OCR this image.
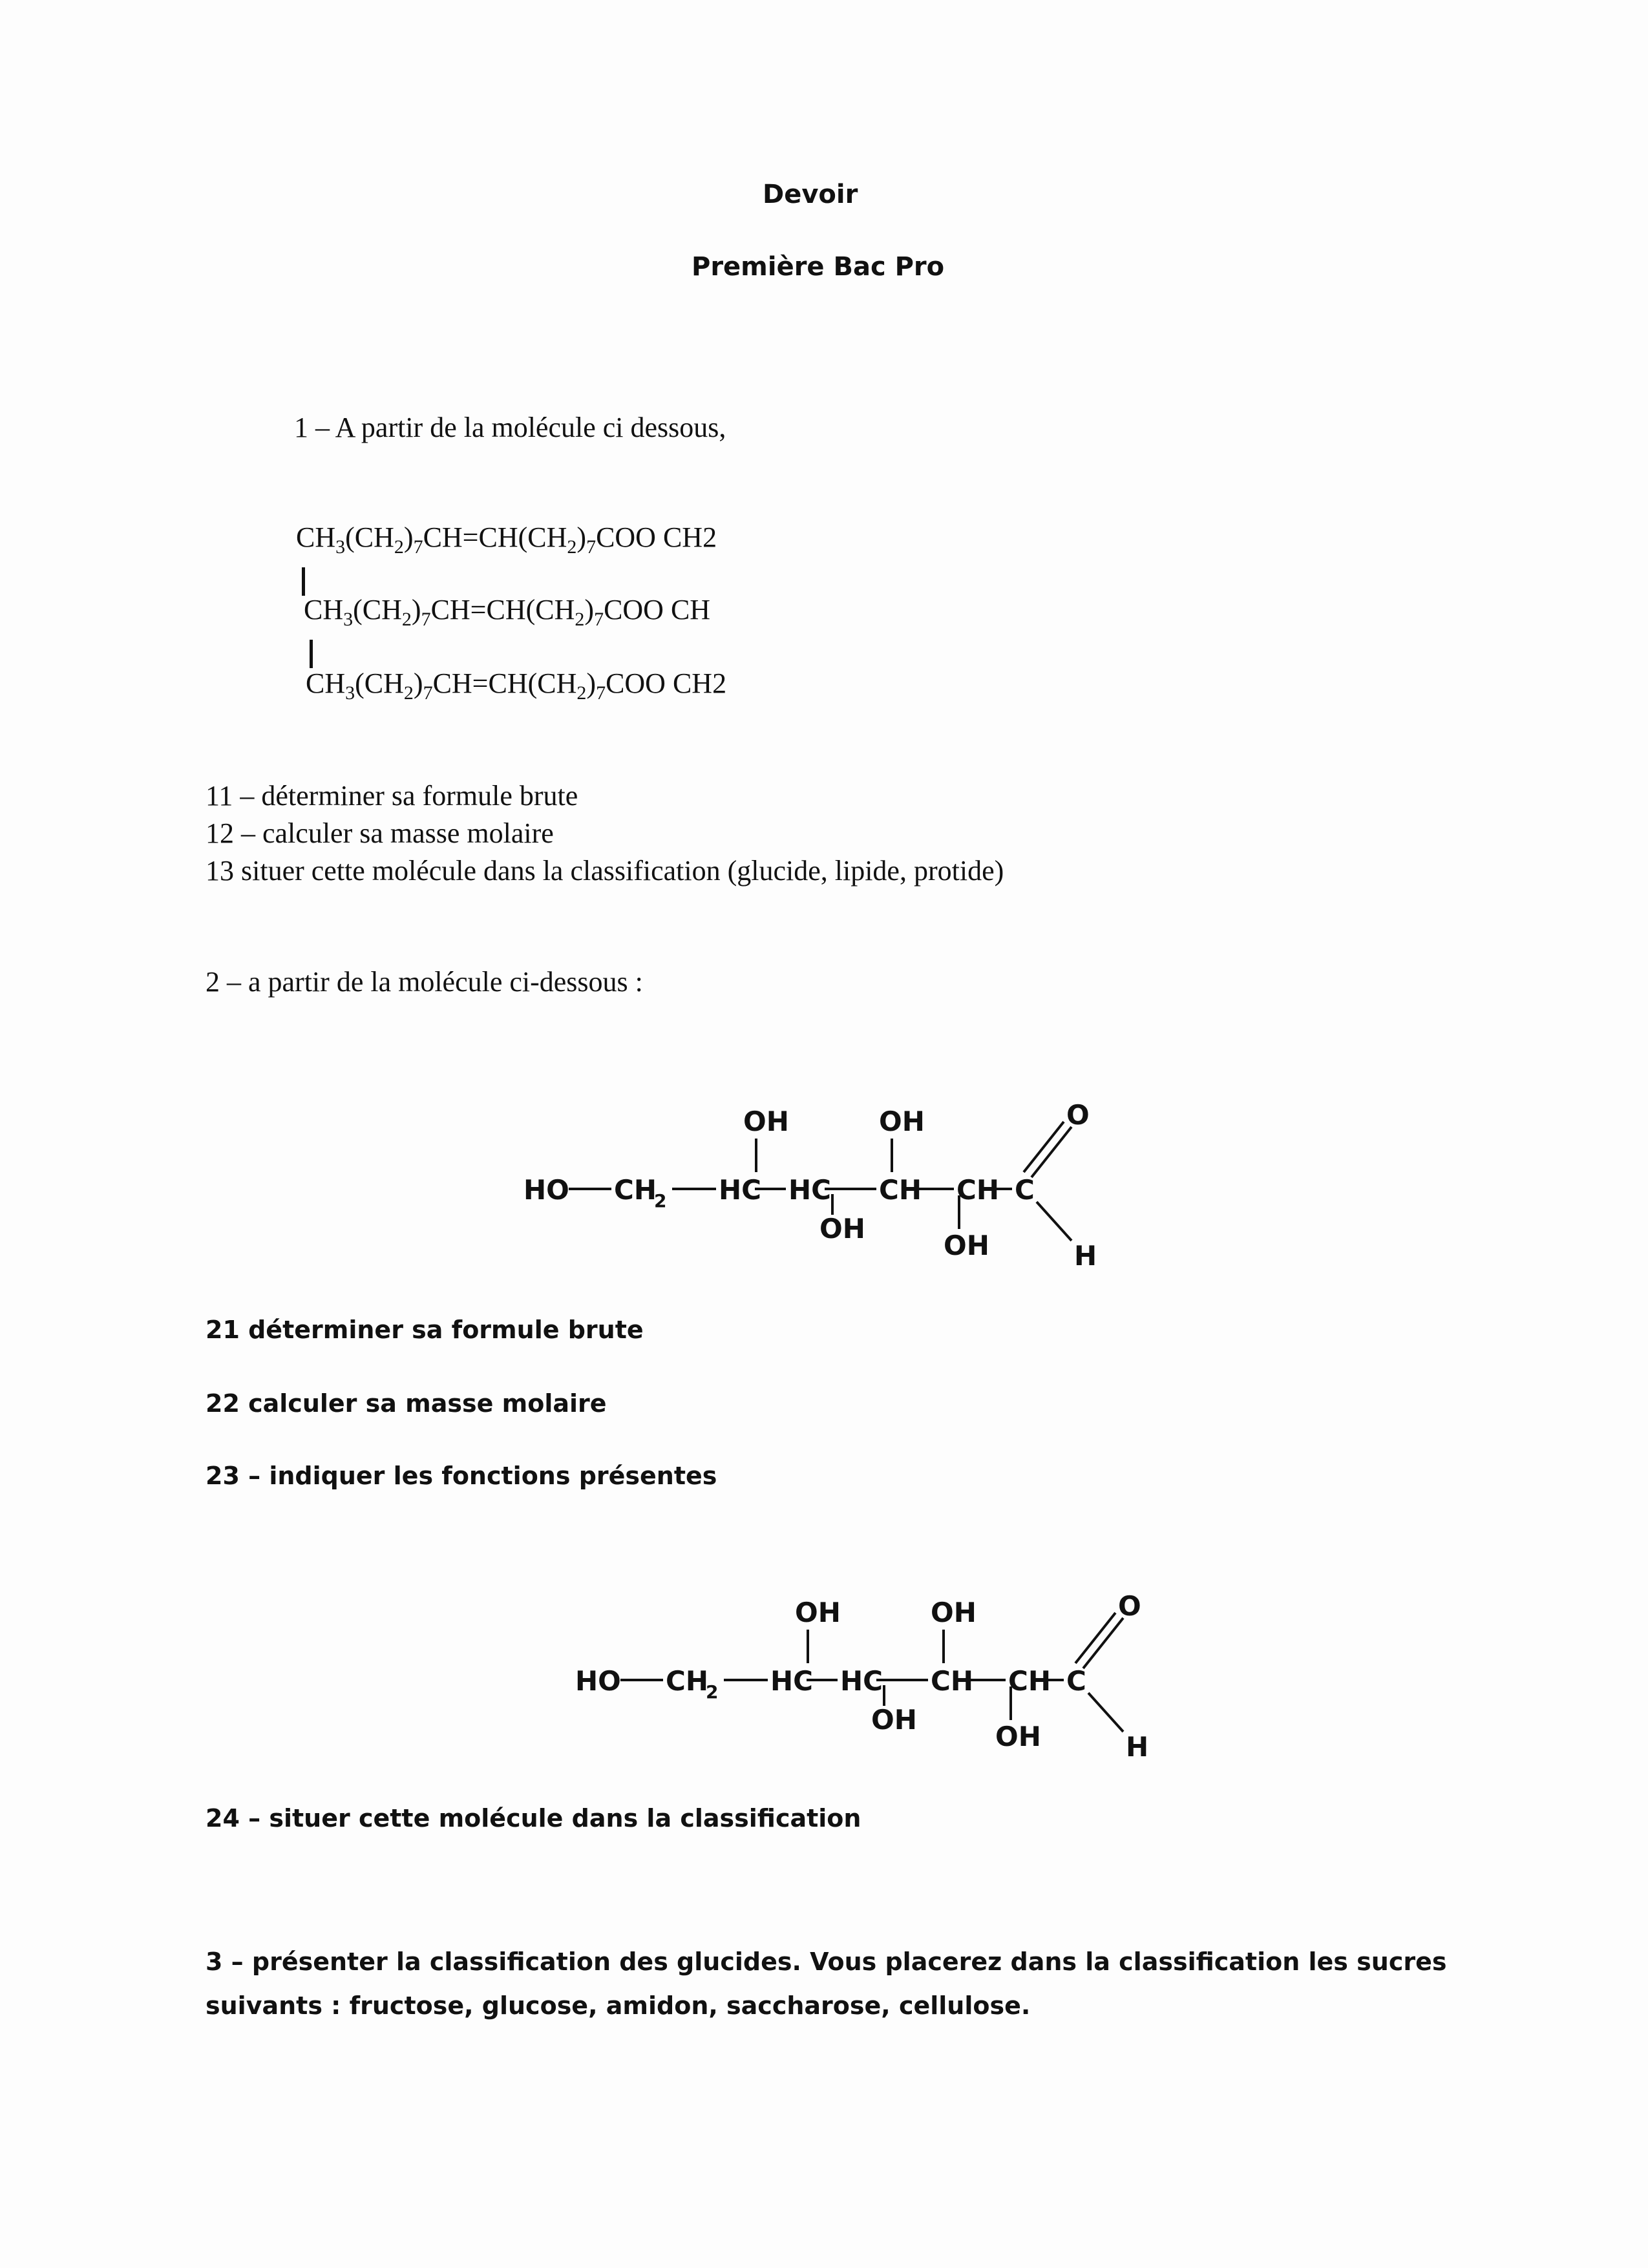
Devoir
Première Bac Pro
1 – A partir de la molécule ci dessous,
$CH_3(CH_2)_7CH=CH(CH_2)_7COO$ CH2
$CH_3(CH_2)_7CH=CH(CH_2)_7COO$ CH
$CH_3(CH_2)_7CH=CH(CH_2)_7COO$ CH2
11 – déterminer sa formule brute
12 – calculer sa masse molaire
13 situer cette molécule dans la classification (glucide, lipide, protide)
2 – a partir de la molécule ci-dessous :
HO CH
2 HC HC CH CH C
OH	OH
OH
OH
O
H
21 déterminer sa formule brute
22 calculer sa masse molaire
23 – indiquer les fonctions présentes
HO CH
2 HC HC CH CH C
OH	OH
OH
OH
O
H
24 – situer cette molécule dans la classification
3 – présenter la classification des glucides. Vous placerez dans la classification les sucres
suivants : fructose, glucose, amidon, saccharose, cellulose.
